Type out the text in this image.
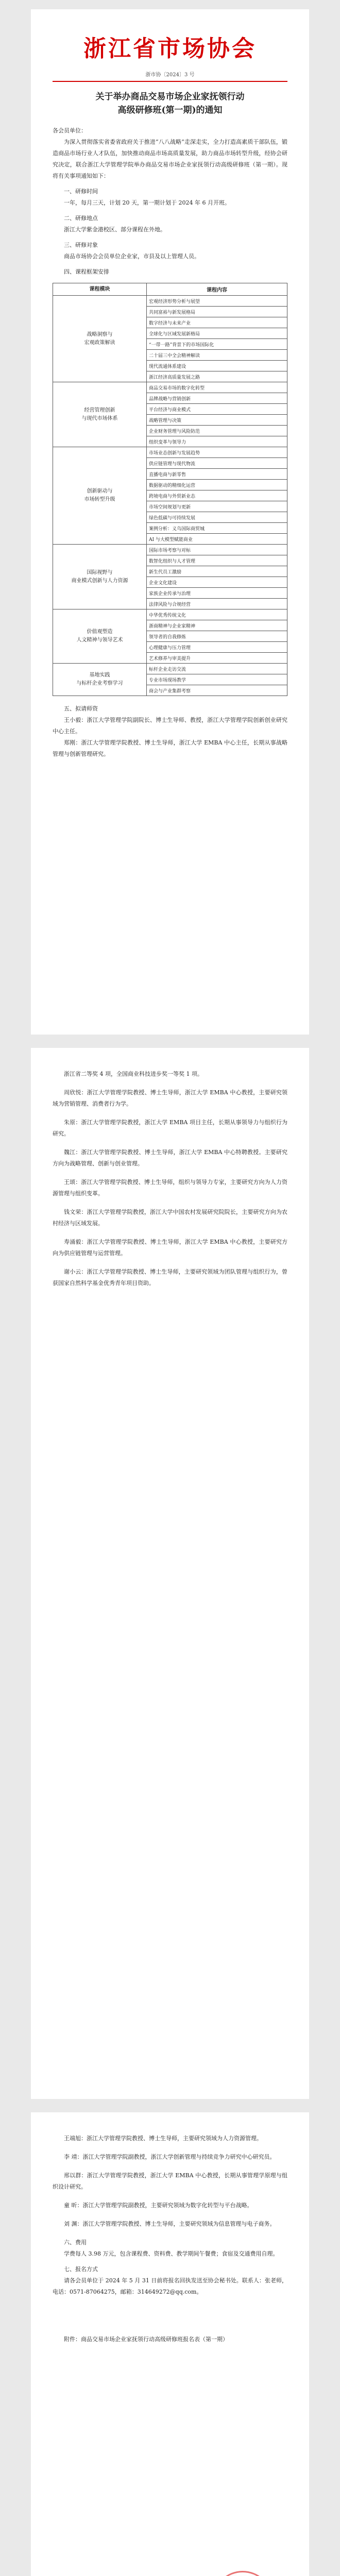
浙江省市场协会
浙市协〔2024〕3 号
关于举办商品交易市场企业家抚领行动
高级研修班(第一期)的通知

各会员单位：

为深入贯彻落实省委省政府关于推进“八八战略”走深走实，全力打造高素质干部队伍，锻造商品市场行业人才队伍，加快推动商品市场高质量发展，助力商品市场转型升级，经协会研究决定，联合浙江大学管理学院举办商品交易市场企业家抚领行动高级研修班（第一期）。现将有关事项通知如下：

一、研修时间

一年，每月三天，计划 20 天，第一期计划于 2024 年 6 月开班。

二、研修地点

浙江大学紫金港校区、部分课程在外地。

三、研修对象

商品市场协会会员单位企业家，市县及以上管理人员。

四、课程框架安排
课程模块	课程内容

战略洞察与
宏观政策解读	宏观经济形势分析与展望
	共同富裕与新发展格局
	数字经济与未来产业
	全球化与区域发展新格局
	“一带一路”背景下的市场国际化
	二十届三中全会精神解读
	现代流通体系建设
	浙江经济高质量发展之路

经营管理创新
与现代市场体系	商品交易市场的数字化转型
	品牌战略与营销创新
	平台经济与商业模式
	战略管理与决策
	企业财务管理与风险防范
	组织变革与领导力

创新驱动与
市场转型升级	市场业态创新与发展趋势
	供应链管理与现代物流
	直播电商与新零售
	数据驱动的精细化运营
	跨境电商与外贸新业态
	市场空间规划与更新
	绿色低碳与可持续发展
	案例分析：义乌国际商贸城
	AI 与大模型赋能商业

国际视野与
商业模式创新与人力资源	国际市场考察与对标
	数智化组织与人才管理
	新生代员工激励
	企业文化建设
	家族企业传承与治理
	法律风险与合规经营

价值观塑造
人文精神与领导艺术	中华优秀传统文化
	浙商精神与企业家精神
	领导者的自我修炼
	心理健康与压力管理
	艺术修养与审美提升

基地实践
与标杆企业考察学习	标杆企业走访交流
	专业市场现场教学
	商会与产业集群考察
五、拟请师资

王小毅：浙江大学管理学院副院长、博士生导师、教授，浙江大学管理学院创新创业研究中心主任。

郑刚：浙江大学管理学院教授、博士生导师，浙江大学 EMBA 中心主任，长期从事战略管理与创新管理研究。

浙江省二等奖 4 项，全国商业科技进步奖一等奖 1 项。

周欣悦：浙江大学管理学院教授、博士生导师，浙江大学 EMBA 中心教授，主要研究领域为营销管理、消费者行为学。

朱原：浙江大学管理学院教授，浙江大学 EMBA 项目主任，长期从事领导力与组织行为研究。

魏江：浙江大学管理学院教授、博士生导师，浙江大学 EMBA 中心特聘教授。主要研究方向为战略管理、创新与创业管理。

王颂：浙江大学管理学院教授、博士生导师，组织与领导力专家，主要研究方向为人力资源管理与组织变革。

钱文荣：浙江大学管理学院教授，浙江大学中国农村发展研究院院长，主要研究方向为农村经济与区域发展。

寿涌毅：浙江大学管理学院教授、博士生导师，浙江大学 EMBA 中心教授，主要研究方向为供应链管理与运营管理。

谢小云：浙江大学管理学院教授、博士生导师，主要研究领域为团队管理与组织行为，曾获国家自然科学基金优秀青年项目资助。

王端旭：浙江大学管理学院教授、博士生导师，主要研究领域为人力资源管理。

李 靖：浙江大学管理学院副教授，浙江大学创新管理与持续竞争力研究中心研究员。

邢以群：浙江大学管理学院教授，浙江大学 EMBA 中心教授，长期从事管理学原理与组织设计研究。

童 昕：浙江大学管理学院副教授，主要研究领域为数字化转型与平台战略。

刘 渊：浙江大学管理学院教授、博士生导师，主要研究领域为信息管理与电子商务。

六、费用

学费每人 3.98 万元，包含课程费、资料费、教学期间午餐费；食宿及交通费用自理。

七、报名方式

请各会员单位于 2024 年 5 月 31 日前将报名回执发送至协会秘书处。联系人：张老师，电话：0571-87064275，邮箱：314649272@qq.com。

附件：商品交易市场企业家抚领行动高级研修班报名表（第一期）
